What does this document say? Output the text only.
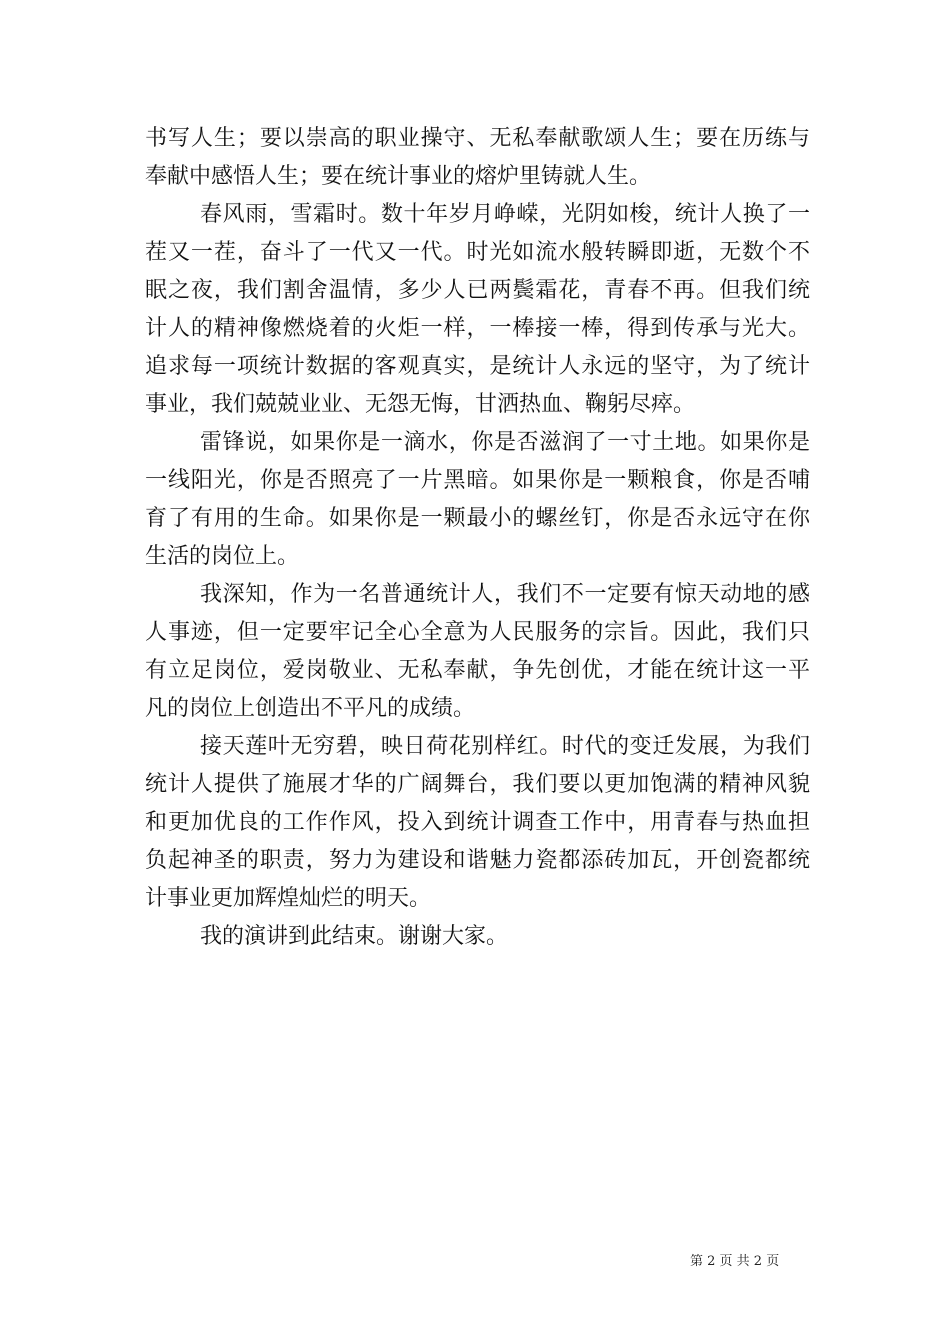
书写人生；要以崇高的职业操守、无私奉献歌颂人生；要在历练与
奉献中感悟人生；要在统计事业的熔炉里铸就人生。
春风雨，雪霜时。数十年岁月峥嵘，光阴如梭，统计人换了一
茬又一茬，奋斗了一代又一代。时光如流水般转瞬即逝，无数个不
眠之夜，我们割舍温情，多少人已两鬓霜花，青春不再。但我们统
计人的精神像燃烧着的火炬一样，一棒接一棒，得到传承与光大。
追求每一项统计数据的客观真实，是统计人永远的坚守，为了统计
事业，我们兢兢业业、无怨无悔，甘洒热血、鞠躬尽瘁。
雷锋说，如果你是一滴水，你是否滋润了一寸土地。如果你是
一线阳光，你是否照亮了一片黑暗。如果你是一颗粮食，你是否哺
育了有用的生命。如果你是一颗最小的螺丝钉，你是否永远守在你
生活的岗位上。
我深知，作为一名普通统计人，我们不一定要有惊天动地的感
人事迹，但一定要牢记全心全意为人民服务的宗旨。因此，我们只
有立足岗位，爱岗敬业、无私奉献，争先创优，才能在统计这一平
凡的岗位上创造出不平凡的成绩。
接天莲叶无穷碧，映日荷花别样红。时代的变迁发展，为我们
统计人提供了施展才华的广阔舞台，我们要以更加饱满的精神风貌
和更加优良的工作作风，投入到统计调查工作中，用青春与热血担
负起神圣的职责，努力为建设和谐魅力瓷都添砖加瓦，开创瓷都统
计事业更加辉煌灿烂的明天。
我的演讲到此结束。谢谢大家。
第 2 页 共 2 页
